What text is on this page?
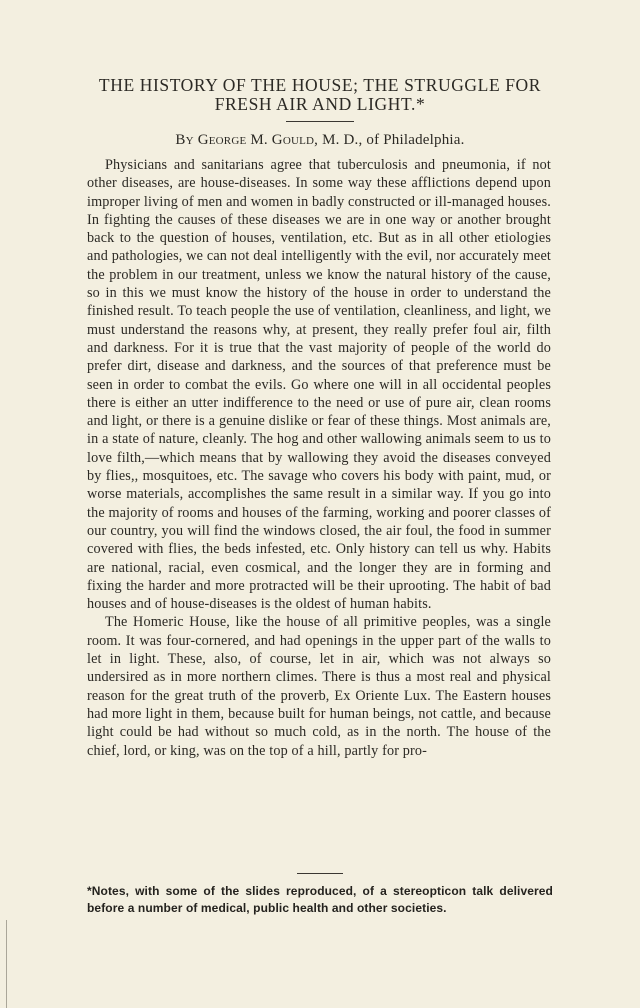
THE HISTORY OF THE HOUSE; THE STRUGGLE FOR
FRESH AIR AND LIGHT.*
By George M. Gould, M. D., of Philadelphia.

Physicians and sanitarians agree that tuberculosis and pneumonia, if not other diseases, are house-diseases. In some way these afflictions depend upon improper living of men and women in badly constructed or ill-managed houses. In fighting the causes of these diseases we are in one way or another brought back to the question of houses, ventilation, etc. But as in all other etiologies and pathologies, we can not deal intelligently with the evil, nor accurately meet the problem in our treatment, unless we know the natural history of the cause, so in this we must know the history of the house in order to understand the finished result. To teach people the use of ventilation, cleanliness, and light, we must understand the reasons why, at present, they really prefer foul air, filth and darkness. For it is true that the vast majority of people of the world do prefer dirt, disease and darkness, and the sources of that preference must be seen in order to combat the evils. Go where one will in all occidental peoples there is either an utter indifference to the need or use of pure air, clean rooms and light, or there is a genuine dislike or fear of these things. Most animals are, in a state of nature, cleanly. The hog and other wallowing animals seem to us to love filth,—which means that by wallowing they avoid the diseases conveyed by flies,, mosquitoes, etc. The savage who covers his body with paint, mud, or worse materials, accomplishes the same result in a similar way. If you go into the majority of rooms and houses of the farming, working and poorer classes of our country, you will find the windows closed, the air foul, the food in summer covered with flies, the beds infested, etc. Only history can tell us why. Habits are national, racial, even cosmical, and the longer they are in forming and fixing the harder and more protracted will be their uprooting. The habit of bad houses and of house-diseases is the oldest of human habits.

The Homeric House, like the house of all primitive peoples, was a single room. It was four-cornered, and had openings in the upper part of the walls to let in light. These, also, of course, let in air, which was not always so undersired as in more northern climes. There is thus a most real and physical reason for the great truth of the proverb, Ex Oriente Lux. The Eastern houses had more light in them, because built for human beings, not cattle, and because light could be had without so much cold, as in the north. The house of the chief, lord, or king, was on the top of a hill, partly for pro-

*Notes, with some of the slides reproduced, of a stereopticon talk delivered before a number of medical, public health and other societies.
